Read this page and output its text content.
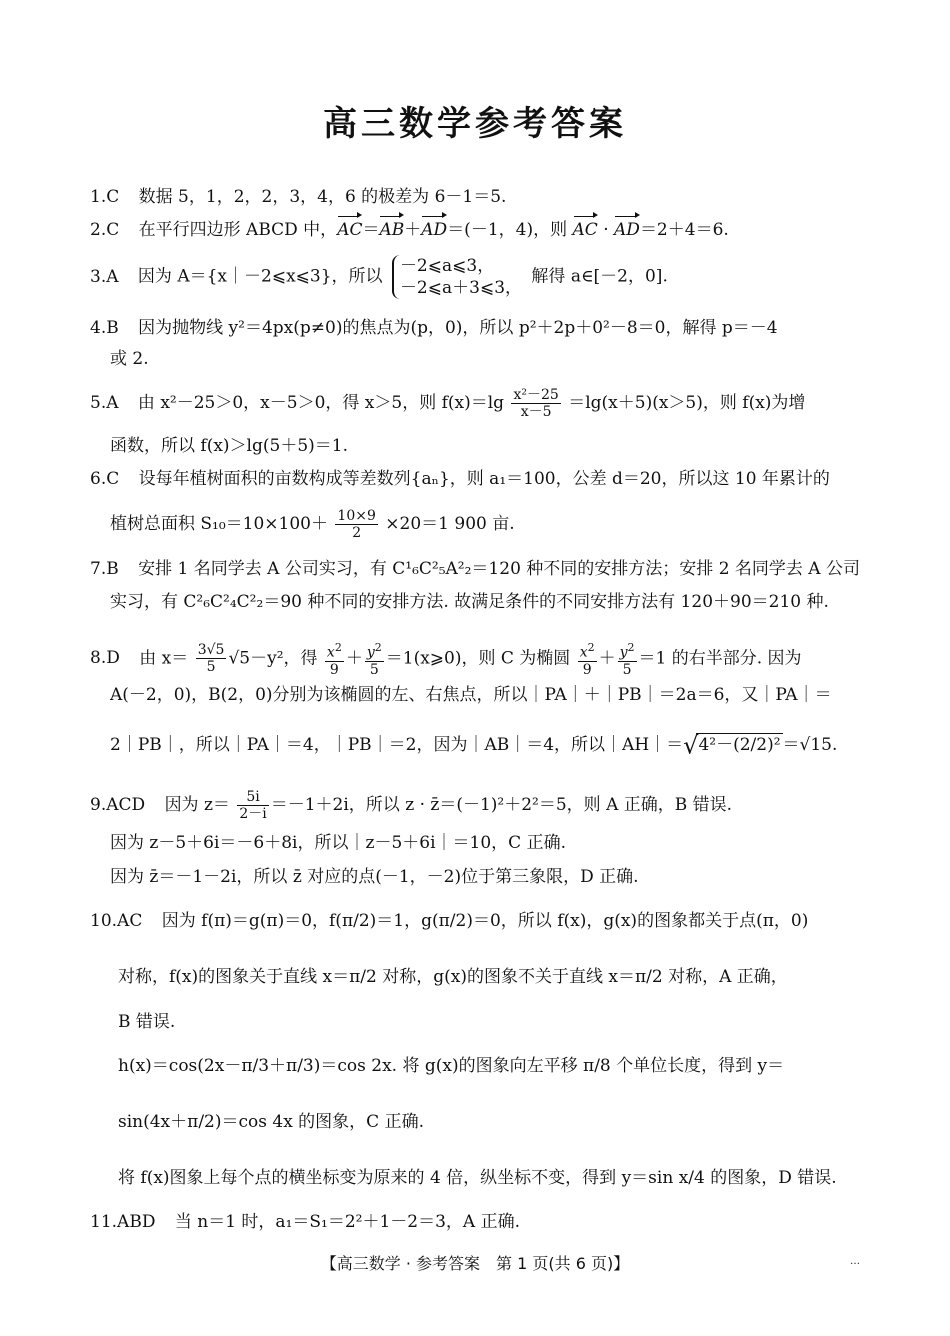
高三数学参考答案
1.C 数据 5，1，2，2，3，4，6 的极差为 6－1＝5.
2.C 在平行四边形 ABCD 中，AC＝AB＋AD＝(－1，4)，则 AC · AD＝2＋4＝6.
3.A 因为 A＝{x｜－2⩽x⩽3}，所以 －2⩽a⩽3，
－2⩽a＋3⩽3， 解得 a∈[－2，0].
4.B 因为抛物线 y²＝4px(p≠0)的焦点为(p，0)，所以 p²＋2p＋0²－8＝0，解得 p＝－4
或 2.
5.A 由 x²－25＞0，x－5＞0，得 x＞5，则 $f(x)=\lg \frac{\text{x²－25}}{x-5} =\lg(x+5)(x>5)$，则 f(x)为增
函数，所以 f(x)＞lg(5＋5)＝1.
6.C 设每年植树面积的亩数构成等差数列{aₙ}，则 a₁＝100，公差 d＝20，所以这 10 年累计的
植树总面积 $S_{10}=10\times 100+ \frac{10\times 9}{2} \times 20=1$ 900 亩.
7.B 安排 1 名同学去 A 公司实习，有 C¹₆C²₅A²₂＝120 种不同的安排方法；安排 2 名同学去 A 公司
实习，有 C²₆C²₄C²₂＝90 种不同的安排方法. 故满足条件的不同安排方法有 120＋90＝210 种.
8.D 由 $x= \frac{3√5}{5} √5-y^2$，得 $\frac{x^2}{9} + \frac{y^2}{5}$ ＝1(x⩾0)，则 C 为椭圆 $\frac{x^2}{9} + \frac{y^2}{5} =1$ 的右半部分. 因为
A(－2，0)，B(2，0)分别为该椭圆的左、右焦点，所以｜PA｜＋｜PB｜＝2a＝6，又｜PA｜＝
2｜PB｜，所以｜PA｜＝4，｜PB｜＝2，因为｜AB｜＝4，所以｜AH｜＝√4²－(2/2)² ＝√15.
9.ACD 因为 $z= \frac{5i}{2-i} =-1+2i$，所以 z · z̄＝(－1)²＋2²＝5，则 A 正确，B 错误.
因为 z－5＋6i＝－6＋8i，所以｜z－5＋6i｜＝10，C 正确.
因为 z̄＝－1－2i，所以 z̄ 对应的点(－1，－2)位于第三象限，D 正确.
10.AC 因为 f(π)＝g(π)＝0，f(π/2)＝1，g(π/2)＝0，所以 f(x)，g(x)的图象都关于点(π，0)
对称，f(x)的图象关于直线 x＝π/2 对称，g(x)的图象不关于直线 x＝π/2 对称，A 正确，
B 错误.
h(x)＝cos(2x－π/3＋π/3)＝cos 2x. 将 g(x)的图象向左平移 π/8 个单位长度，得到 y＝
sin(4x＋π/2)＝cos 4x 的图象，C 正确.
将 f(x)图象上每个点的横坐标变为原来的 4 倍，纵坐标不变，得到 y＝sin x/4 的图象，D 错误.
11.ABD 当 n＝1 时，a₁＝S₁＝2²＋1－2＝3，A 正确.
【高三数学 · 参考答案　第 1 页(共 6 页)】	…
